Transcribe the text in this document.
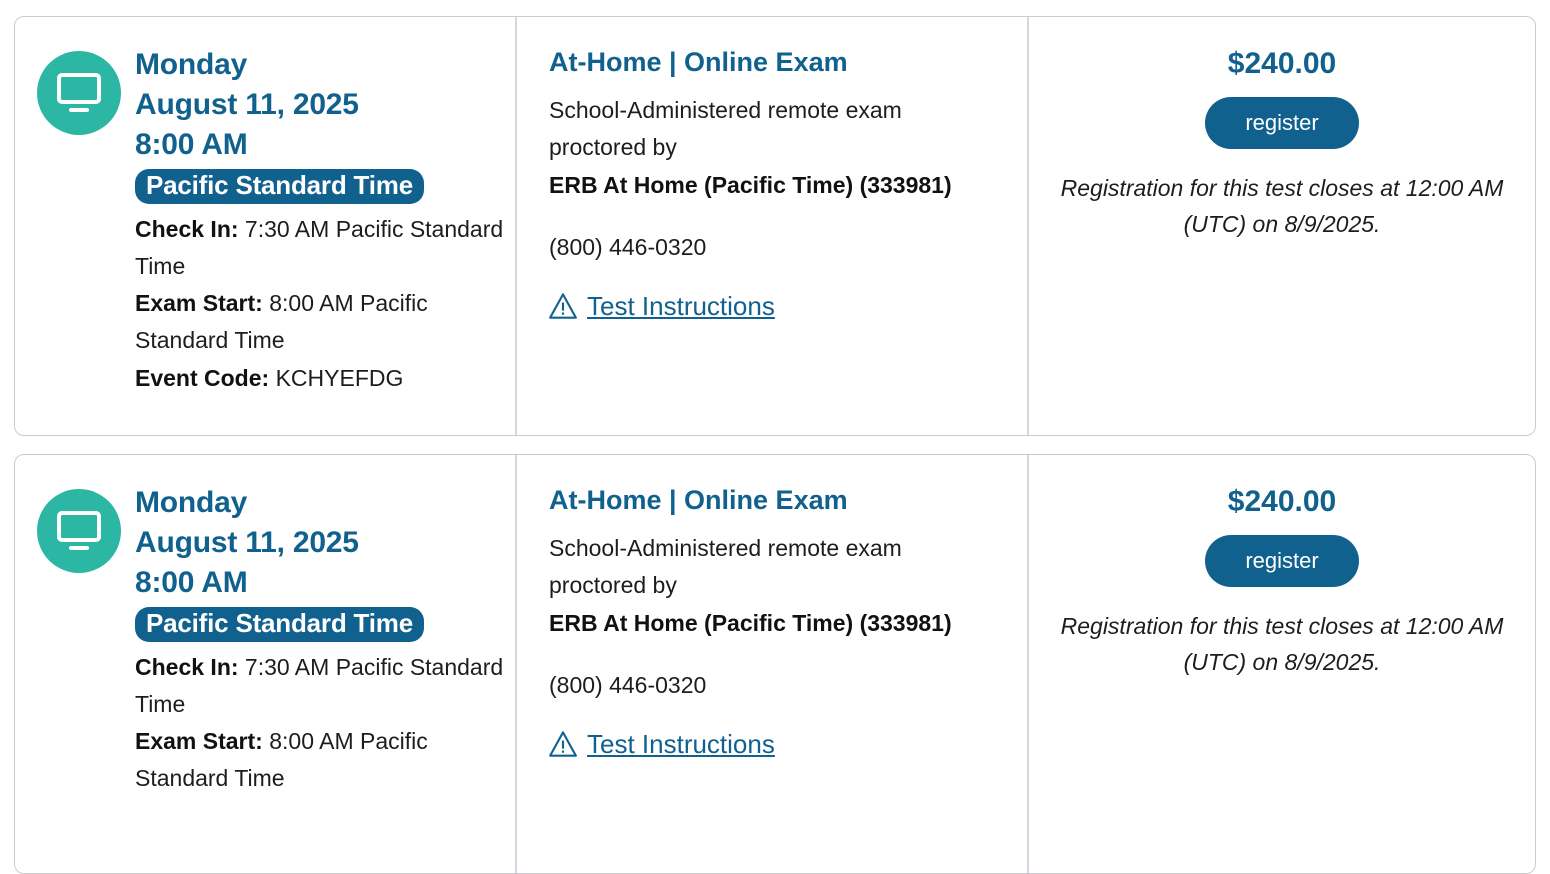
Monday
August 11, 2025
8:00 AM Pacific Standard Time
Check In: 7:30 AM Pacific Standard Time
Exam Start: 8:00 AM Pacific Standard Time
Event Code: KCHYEFDG
At-Home | Online Exam
School-Administered remote exam proctored by
ERB At Home (Pacific Time) (333981)
(800) 446-0320
Test Instructions
$240.00
register
Registration for this test closes at 12:00 AM (UTC) on 8/9/2025.
Monday
August 11, 2025
8:00 AM Pacific Standard Time
Check In: 7:30 AM Pacific Standard Time
Exam Start: 8:00 AM Pacific Standard Time
At-Home | Online Exam
School-Administered remote exam proctored by
ERB At Home (Pacific Time) (333981)
(800) 446-0320
Test Instructions
$240.00
register
Registration for this test closes at 12:00 AM (UTC) on 8/9/2025.
